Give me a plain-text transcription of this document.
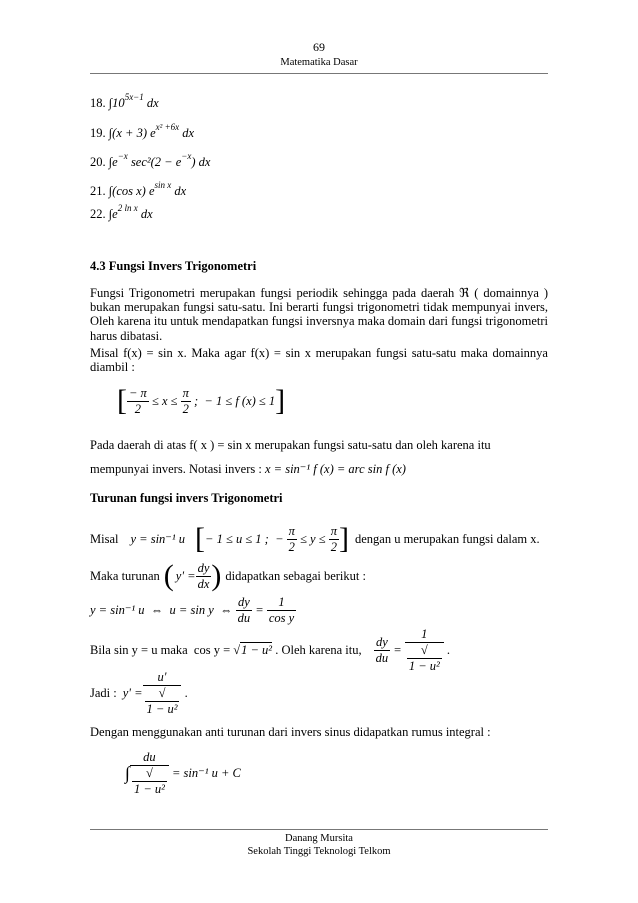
69
Matematika Dasar
18. $\int 10^{5x-1}$ dx
19. ∫(x + 3) $e^{x^2 +6x}$ dx
20. $\int e^{-x}$ $\sec^2(2 - e^{-x})$ dx
21. ∫(cos x) $e^{sin x}$ dx
22. $\int e^{2 ln x}$ dx
4.3 Fungsi Invers Trigonometri
Fungsi Trigonometri merupakan fungsi periodik sehingga pada daerah ℜ ( domainnya ) bukan merupakan fungsi satu-satu. Ini berarti fungsi trigonometri tidak mempunyai invers, Oleh karena itu untuk mendapatkan fungsi inversnya maka domain dari fungsi trigonometri harus dibatasi.
Misal f(x) = sin x. Maka agar f(x) = sin x merupakan fungsi satu-satu maka domainnya diambil :
[ $\frac{- \pi}{2} \le x \le \frac{\pi}{2}$ ;  − 1 ≤ f (x) ≤ 1 ]
Pada daerah di atas f( x ) = sin x merupakan fungsi satu-satu dan oleh karena itu
mempunyai invers. Notasi invers : x = sin⁻¹ f (x) = arc sin f (x)
Turunan fungsi invers Trigonometri
Misal y = sin⁻¹ u [ − 1 ≤ u ≤ 1 ;  − $\frac{\pi}{2} \le y \le \frac{\pi}{2}$ ] dengan u merupakan fungsi dalam x.
Maka turunan ( $y' = \frac{dy}{dx}$ ) didapatkan sebagai berikut :
y = sin⁻¹ u  ⇔  u = sin y  ⇔ $\frac{dy}{du} = \frac{1}{\text{cos y}}$
Bila sin y = u maka  cos y = √ 1 − u² . Oleh karena itu, $\frac{dy}{du} = 1$
√
1 − u² .
Jadi : y' = u'
√
1 − u² .
Dengan menggunakan anti turunan dari invers sinus didapatkan rumus integral :
∫ du
√
1 − u² = sin⁻¹ u + C
Danang Mursita
Sekolah Tinggi Teknologi Telkom
